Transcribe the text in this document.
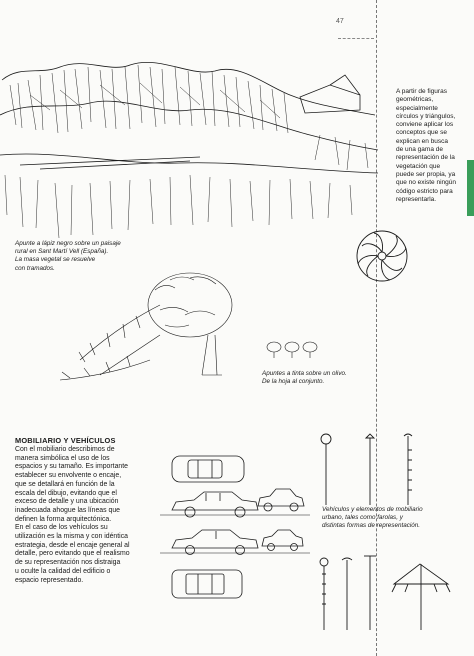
47
Apunte a lápiz negro sobre un paisaje
rural en Sant Martí Vell (España).
La masa vegetal se resuelve
con tramados.
A partir de figuras
geométricas,
especialmente
círculos y triángulos,
conviene aplicar los
conceptos que se
explican en busca
de una gama de
representación de la
vegetación que
puede ser propia, ya
que no existe ningún
código estricto para
representarla.
Apuntes a tinta sobre un olivo.
De la hoja al conjunto.
MOBILIARIO Y VEHÍCULOS
Con el mobiliario describimos de
manera simbólica el uso de los
espacios y su tamaño. Es importante
establecer su envolvente o encaje,
que se detallará en función de la
escala del dibujo, evitando que el
exceso de detalle y una ubicación
inadecuada ahogue las líneas que
definen la forma arquitectónica.
En el caso de los vehículos su
utilización es la misma y con idéntica
estrategia, desde el encaje general al
detalle, pero evitando que el realismo
de su representación nos distraiga
u oculte la calidad del edificio o
espacio representado.
Vehículos y elementos de mobiliario
urbano, tales como farolas, y
distintas formas de representación.
